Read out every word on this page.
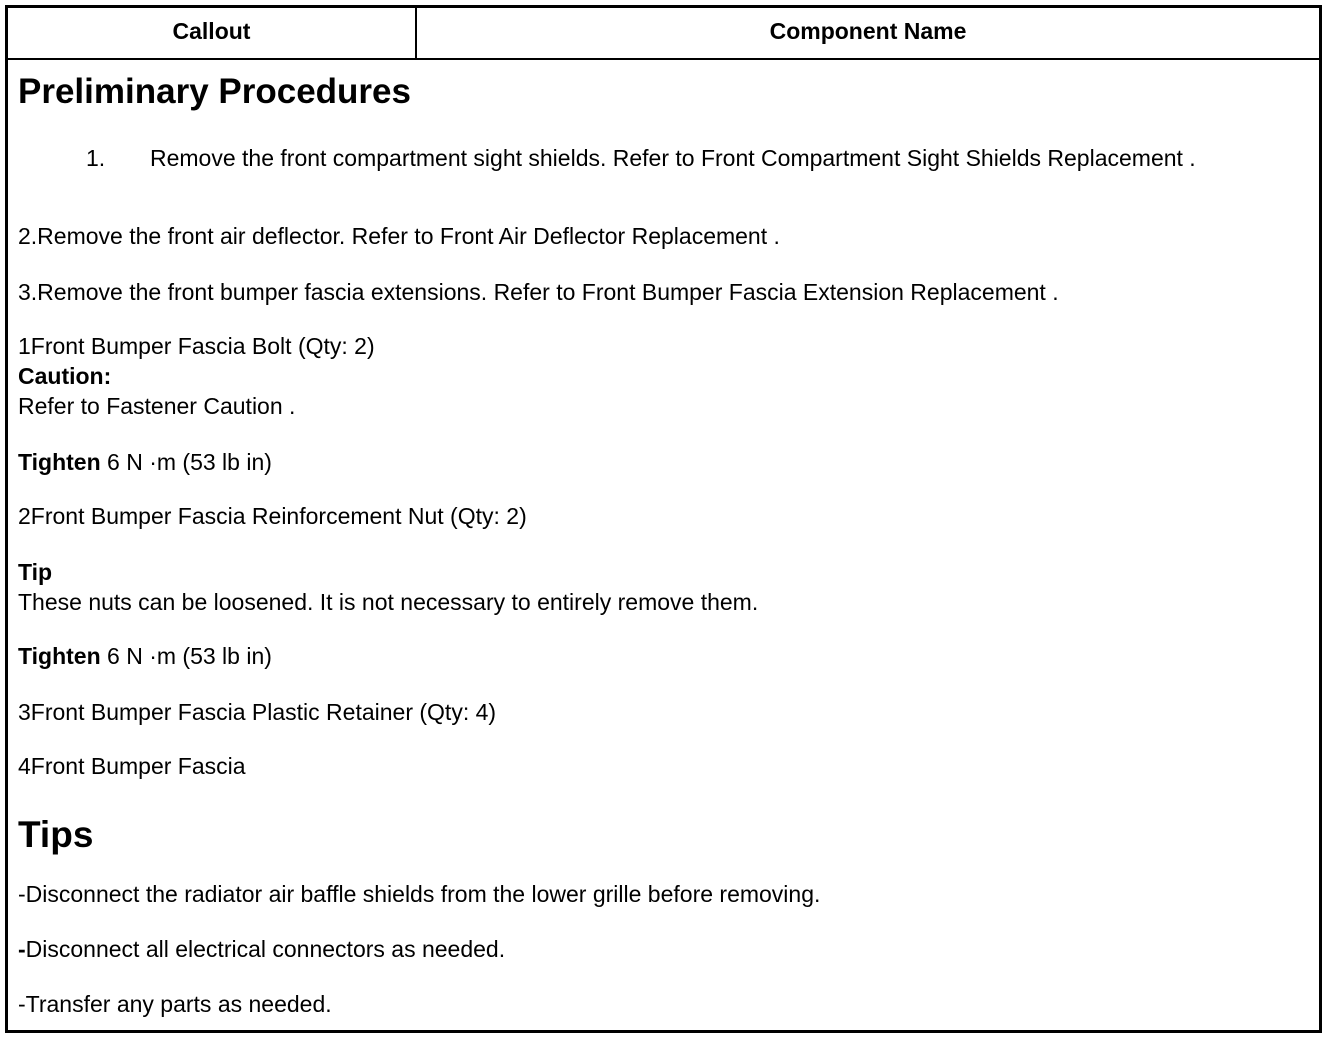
Callout	Component Name
Preliminary Procedures
1. Remove the front compartment sight shields. Refer to Front Compartment Sight Shields Replacement .
2.Remove the front air deflector. Refer to Front Air Deflector Replacement .
3.Remove the front bumper fascia extensions. Refer to Front Bumper Fascia Extension Replacement .
1Front Bumper Fascia Bolt (Qty: 2)
Caution:
Refer to Fastener Caution .
Tighten 6 N ·m (53 lb in)
2Front Bumper Fascia Reinforcement Nut (Qty: 2)
Tip
These nuts can be loosened. It is not necessary to entirely remove them.
Tighten 6 N ·m (53 lb in)
3Front Bumper Fascia Plastic Retainer (Qty: 4)
4Front Bumper Fascia
Tips
-Disconnect the radiator air baffle shields from the lower grille before removing.
-Disconnect all electrical connectors as needed.
-Transfer any parts as needed.
